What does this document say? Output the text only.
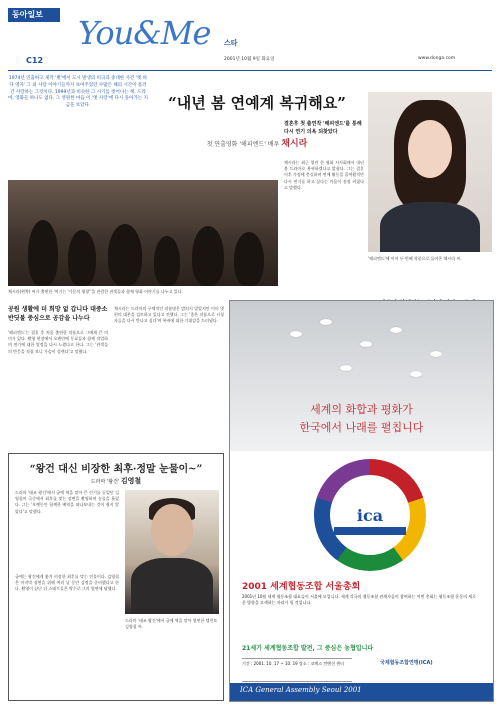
동아일보 You&Me 스타
C12	2001년 10월 9일 화요일	www.donga.com
1974년 연출하고 제작 '별'에서 도시 발생의 비극과 중대한 사건 '옛 바다 영자' 그 외 사랑 이야기들까지 보여주었던 수많은 해의 시간이 흘러간 사랑하는 그것이다. 1999년과 비슷한 그 시기를 벗어나는 책, 드라마, 영화들 하나도 없다. 그 영원한 마음 이 '옛 사랑'에 다시 돌아가는 지금을 보았다.	“내년 봄 연예계 복귀해요”
첫 연출영화 '해피엔드' 배우 채시라
'해피엔드'에 이어 두 번째 작품으로 돌아온 채시라 씨.
결혼후 첫 출연작 '해피엔드'를 통해 다시 연기 의욕 되찾았다
채시라(왼쪽) 씨가 출연한 '여기는 '가문의 영광''을 관람한 관객들과 함께 영화 이야기를 나누고 있다.
채시라는 최근 열린 한 영화 시사회에서 내년 봄 드라마로 복귀하겠다고 밝혔다. 그는 결혼 이후 가정에 충실하며 연예 활동을 줄여왔지만 다시 연기를 하고 싶다는 마음이 점점 커졌다고 말했다.
공원 생활에 더 희망 없 갑니다 대중소
반딧불 중심으로 공감을 나누다
'해피엔드'는 결혼 후 처음 출연한 작품으로 그에게 큰 의미가 있다. 촬영 현장에서 오랜만에 동료들과 함께 작업하며 연기에 대한 열정을 다시 느꼈다고 한다. 그는 '관객들의 반응을 직접 보니 가슴이 설렌다'고 말했다.
채시라는 드라마의 구체적인 작품명은 밝히지 않았지만 이미 몇 편의 대본을 검토하고 있다고 전했다. 그는 '좋은 작품으로 시청자들을 다시 만나고 싶다'며 복귀에 대한 기대감을 드러냈다.
“왕건 대신 비장한 최후·정말 눈물이~”
드라마 '왕건' 김영철
드라마 '태조 왕건'에서 궁예 역을 맡아 큰 인기를 끌었던 김영철이 극중에서 최후를 맞는 장면을 촬영하며 눈물을 흘렸다. 그는 '오랫동안 함께한 배역을 떠나보내는 것이 쉽지 않았다'고 말했다.
드라마 '태조 왕건'에서 궁예 역을 맡아 열연한 탤런트 김영철 씨.
궁예는 왕건에게 쫓겨 비장한 최후를 맞는 인물이다. 김영철은 마지막 장면을 위해 여러 날 동안 감정을 준비했다고 한다. 촬영이 끝난 뒤 스태프들은 박수로 그의 열연에 답했다.
세계의 화합과 평화가
한국에서 나래를 펼칩니다
ica
2001 세계협동조합 서울총회
2001년 10월 세계 협동조합 대표들이 서울에 모입니다. 세계 각국의 협동조합 관계자들이 참여하는 이번 총회는 협동조합 운동의 새로운 방향을 모색하는 자리가 될 것입니다.
21세기 세계협동조합 발전, 그 중심은 농협입니다
기간 : 2001. 10. 17 ~ 10. 19 장소 : 코엑스 컨벤션 센터	국제협동조합연맹(ICA)
ICA General Assembly Seoul 2001
